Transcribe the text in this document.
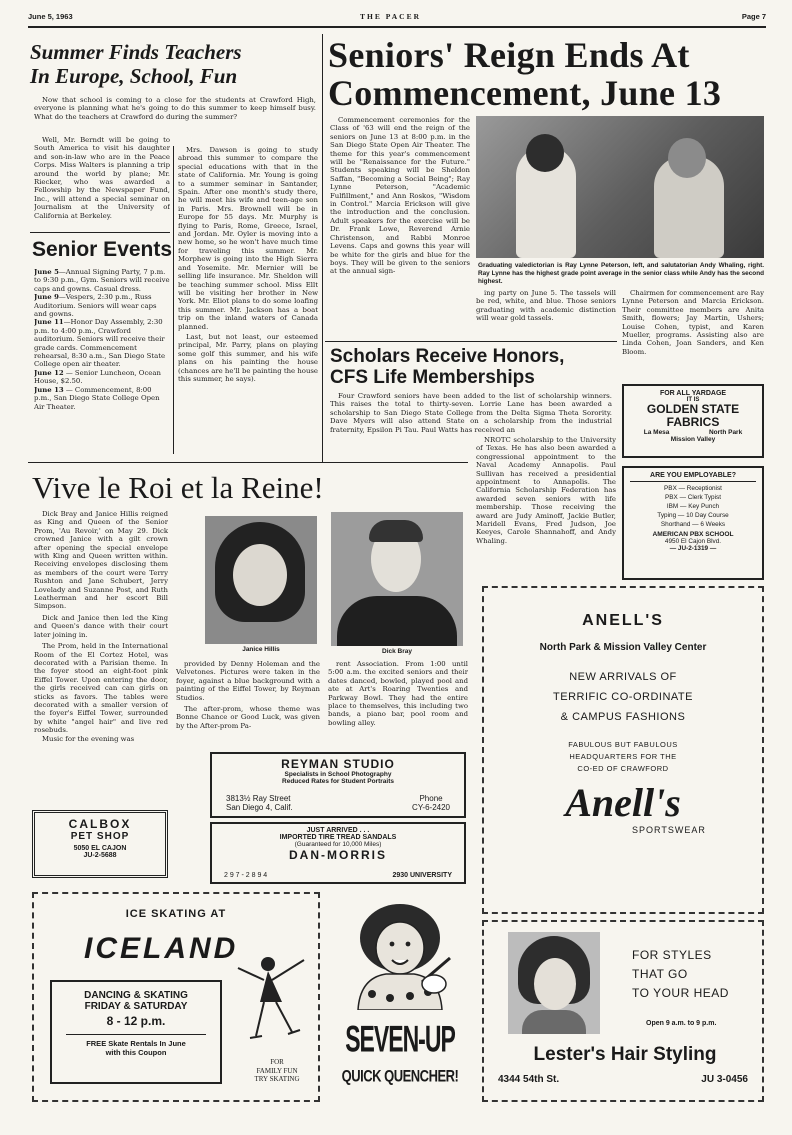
June 5, 1963	THE PACER	Page 7
Summer Finds Teachers
In Europe, School, Fun

Now that school is coming to a close for the students at Crawford High, everyone is planning what he's going to do this summer to keep himself busy. What do the teachers at Crawford do during the summer?

Well, Mr. Berndt will be going to South America to visit his daughter and son-in-law who are in the Peace Corps. Miss Walters is planning a trip around the world by plane; Mr. Riecker, who was awarded a Fellowship by the Newspaper Fund, Inc., will attend a special seminar on Journalism at the University of California at Berkeley.

Mrs. Dawson is going to study abroad this summer to compare the special educations with that in the state of California. Mr. Young is going to a summer seminar in Santander, Spain. After one month's study there, he will meet his wife and teen-age son in Paris. Mrs. Brownell will be in Europe for 55 days. Mr. Murphy is flying to Paris, Rome, Greece, Israel, and Jordan. Mr. Oyler is moving into a new home, so he won't have much time for traveling this summer. Mr. Morphew is going into the High Sierra and Yosemite. Mr. Mernier will be selling life insurance. Mr. Sheldon will be teaching summer school. Miss Ellt will be visiting her brother in New York. Mr. Eliot plans to do some loafing this summer. Mr. Jackson has a boat trip on the inland waters of Canada planned.

Last, but not least, our esteemed principal, Mr. Parry, plans on playing some golf this summer, and his wife plans on his painting the house (chances are he'll be painting the house this summer, he says).

Senior Events
June 5—Annual Signing Party, 7 p.m. to 9:30 p.m., Gym. Seniors will receive caps and gowns. Casual dress.
June 9—Vespers, 2:30 p.m., Russ Auditorium. Seniors will wear caps and gowns.
June 11—Honor Day Assembly, 2:30 p.m. to 4:00 p.m., Crawford auditorium. Seniors will receive their grade cards. Commencement rehearsal, 8:30 a.m., San Diego State College open air theater.
June 12 — Senior Luncheon, Ocean House, $2.50.
June 13 — Commencement, 8:00 p.m., San Diego State College Open Air Theater.
Seniors' Reign Ends At
Commencement, June 13

Commencement ceremonies for the Class of '63 will end the reign of the seniors on June 13 at 8:00 p.m. in the San Diego State Open Air Theater. The theme for this year's commencement will be "Renaissance for the Future." Students speaking will be Sheldon Saffan, "Becoming a Social Being"; Ray Lynne Peterson, "Academic Fulfillment," and Ann Roskos, "Wisdom in Control." Marcia Erickson will give the introduction and the conclusion. Adult speakers for the exercise will be Dr. Frank Lowe, Reverend Arnie Christenson, and Rabbi Monroe Levens. Caps and gowns this year will be white for the girls and blue for the boys. They will be given to the seniors at the annual sign-

Graduating valedictorian is Ray Lynne Peterson, left, and salutatorian Andy Whaling, right. Ray Lynne has the highest grade point average in the senior class while Andy has the second highest.

ing party on June 5. The tassels will be red, white, and blue. Those seniors graduating with academic distinction will wear gold tassels.

Chairmen for commencement are Ray Lynne Peterson and Marcia Erickson. Their committee members are Anita Smith, flowers; Jay Martin, Ushers; Louise Cohen, typist, and Karen Mueller, programs. Assisting also are Linda Cohen, Joan Sanders, and Ken Bloom.

Scholars Receive Honors,
CFS Life Memberships

Four Crawford seniors have been added to the list of scholarship winners. This raises the total to thirty-seven. Lorrie Lane has been awarded a scholarship to San Diego State College from the Delta Sigma Theta Sorority. Dave Myers will also attend State on a scholarship from the industrial fraternity, Epsilon Pi Tau. Paul Watts has received an

NROTC scholarship to the University of Texas. He has also been awarded a congressional appointment to the Naval Academy Annapolis. Paul Sullivan has received a presidential appointment to Annapolis. The California Scholarship Federation has awarded seven seniors with life membership. Those receiving the award are Judy Aminoff, Jackie Butler, Maridell Evans, Fred Judson, Joe Keeyes, Carole Shannahoff, and Andy Whaling.

FOR ALL YARDAGE
IT IS
GOLDEN STATE
FABRICS
La Mesa	North Park
Mission Valley
ARE YOU EMPLOYABLE?
PBX — Receptionist
PBX — Clerk Typist
IBM — Key Punch
Typing — 10 Day Course
Shorthand — 6 Weeks
AMERICAN PBX SCHOOL
4950 El Cajon Blvd.
— JU-2-1319 —
Vive le Roi et la Reine!

Dick Bray and Janice Hillis reigned as King and Queen of the Senior Prom, 'Au Revoir,' on May 29. Dick crowned Janice with a gilt crown after opening the special envelope with King and Queen written within. Receiving envelopes disclosing them as members of the court were Terry Rushton and Jane Schubert, Jerry Lovelady and Suzanne Post, and Ruth Leatherman and her escort Bill Simpson.

Dick and Janice then led the King and Queen's dance with their court later joining in.

The Prom, held in the International Room of the El Cortez Hotel, was decorated with a Parisian theme. In the foyer stood an eight-foot pink Eiffel Tower. Upon entering the door, the girls received can can girls on sticks as favors. The tables were decorated with a smaller version of the foyer's Eiffel Tower, surrounded by white "angel hair" and live red rosebuds.

Music for the evening was

Janice Hillis	Dick Bray

provided by Denny Holeman and the Velvetones. Pictures were taken in the foyer, against a blue background with a painting of the Eiffel Tower, by Reyman Studios.

The after-prom, whose theme was Bonne Chance or Good Luck, was given by the After-prom Pa-

rent Association. From 1:00 until 5:00 a.m. the excited seniors and their dates danced, bowled, played pool and ate at Art's Roaring Twenties and Parkway Bowl. They had the entire place to themselves, this including two bands, a piano bar, pool room and bowling alley.

REYMAN STUDIO
Specialists in School Photography
Reduced Rates for Student Portraits
3813½ Ray Street
San Diego 4, Calif.
Phone
CY-6-2420
JUST ARRIVED . . .
IMPORTED TIRE TREAD SANDALS
(Guaranteed for 10,000 Miles)
DAN-MORRIS
2 9 7 - 2 8 9 4	2930 UNIVERSITY
CALBOX
PET SHOP
5050 EL CAJON
JU-2-5688
ANELL'S
North Park & Mission Valley Center
NEW ARRIVALS OF
TERRIFIC CO-ORDINATE
& CAMPUS FASHIONS
FABULOUS BUT FABULOUS
HEADQUARTERS FOR THE
CO-ED OF CRAWFORD
Anell's
SPORTSWEAR
ICE SKATING AT
ICELAND
DANCING & SKATING
FRIDAY & SATURDAY
8 - 12 p.m.
FREE Skate Rentals In June
with this Coupon
FOR
FAMILY FUN
TRY SKATING
SEVEN-UP
QUICK QUENCHER!
FOR STYLES
THAT GO
TO YOUR HEAD
Open 9 a.m. to 9 p.m.
Lester's Hair Styling
4344 54th St.	JU 3-0456
